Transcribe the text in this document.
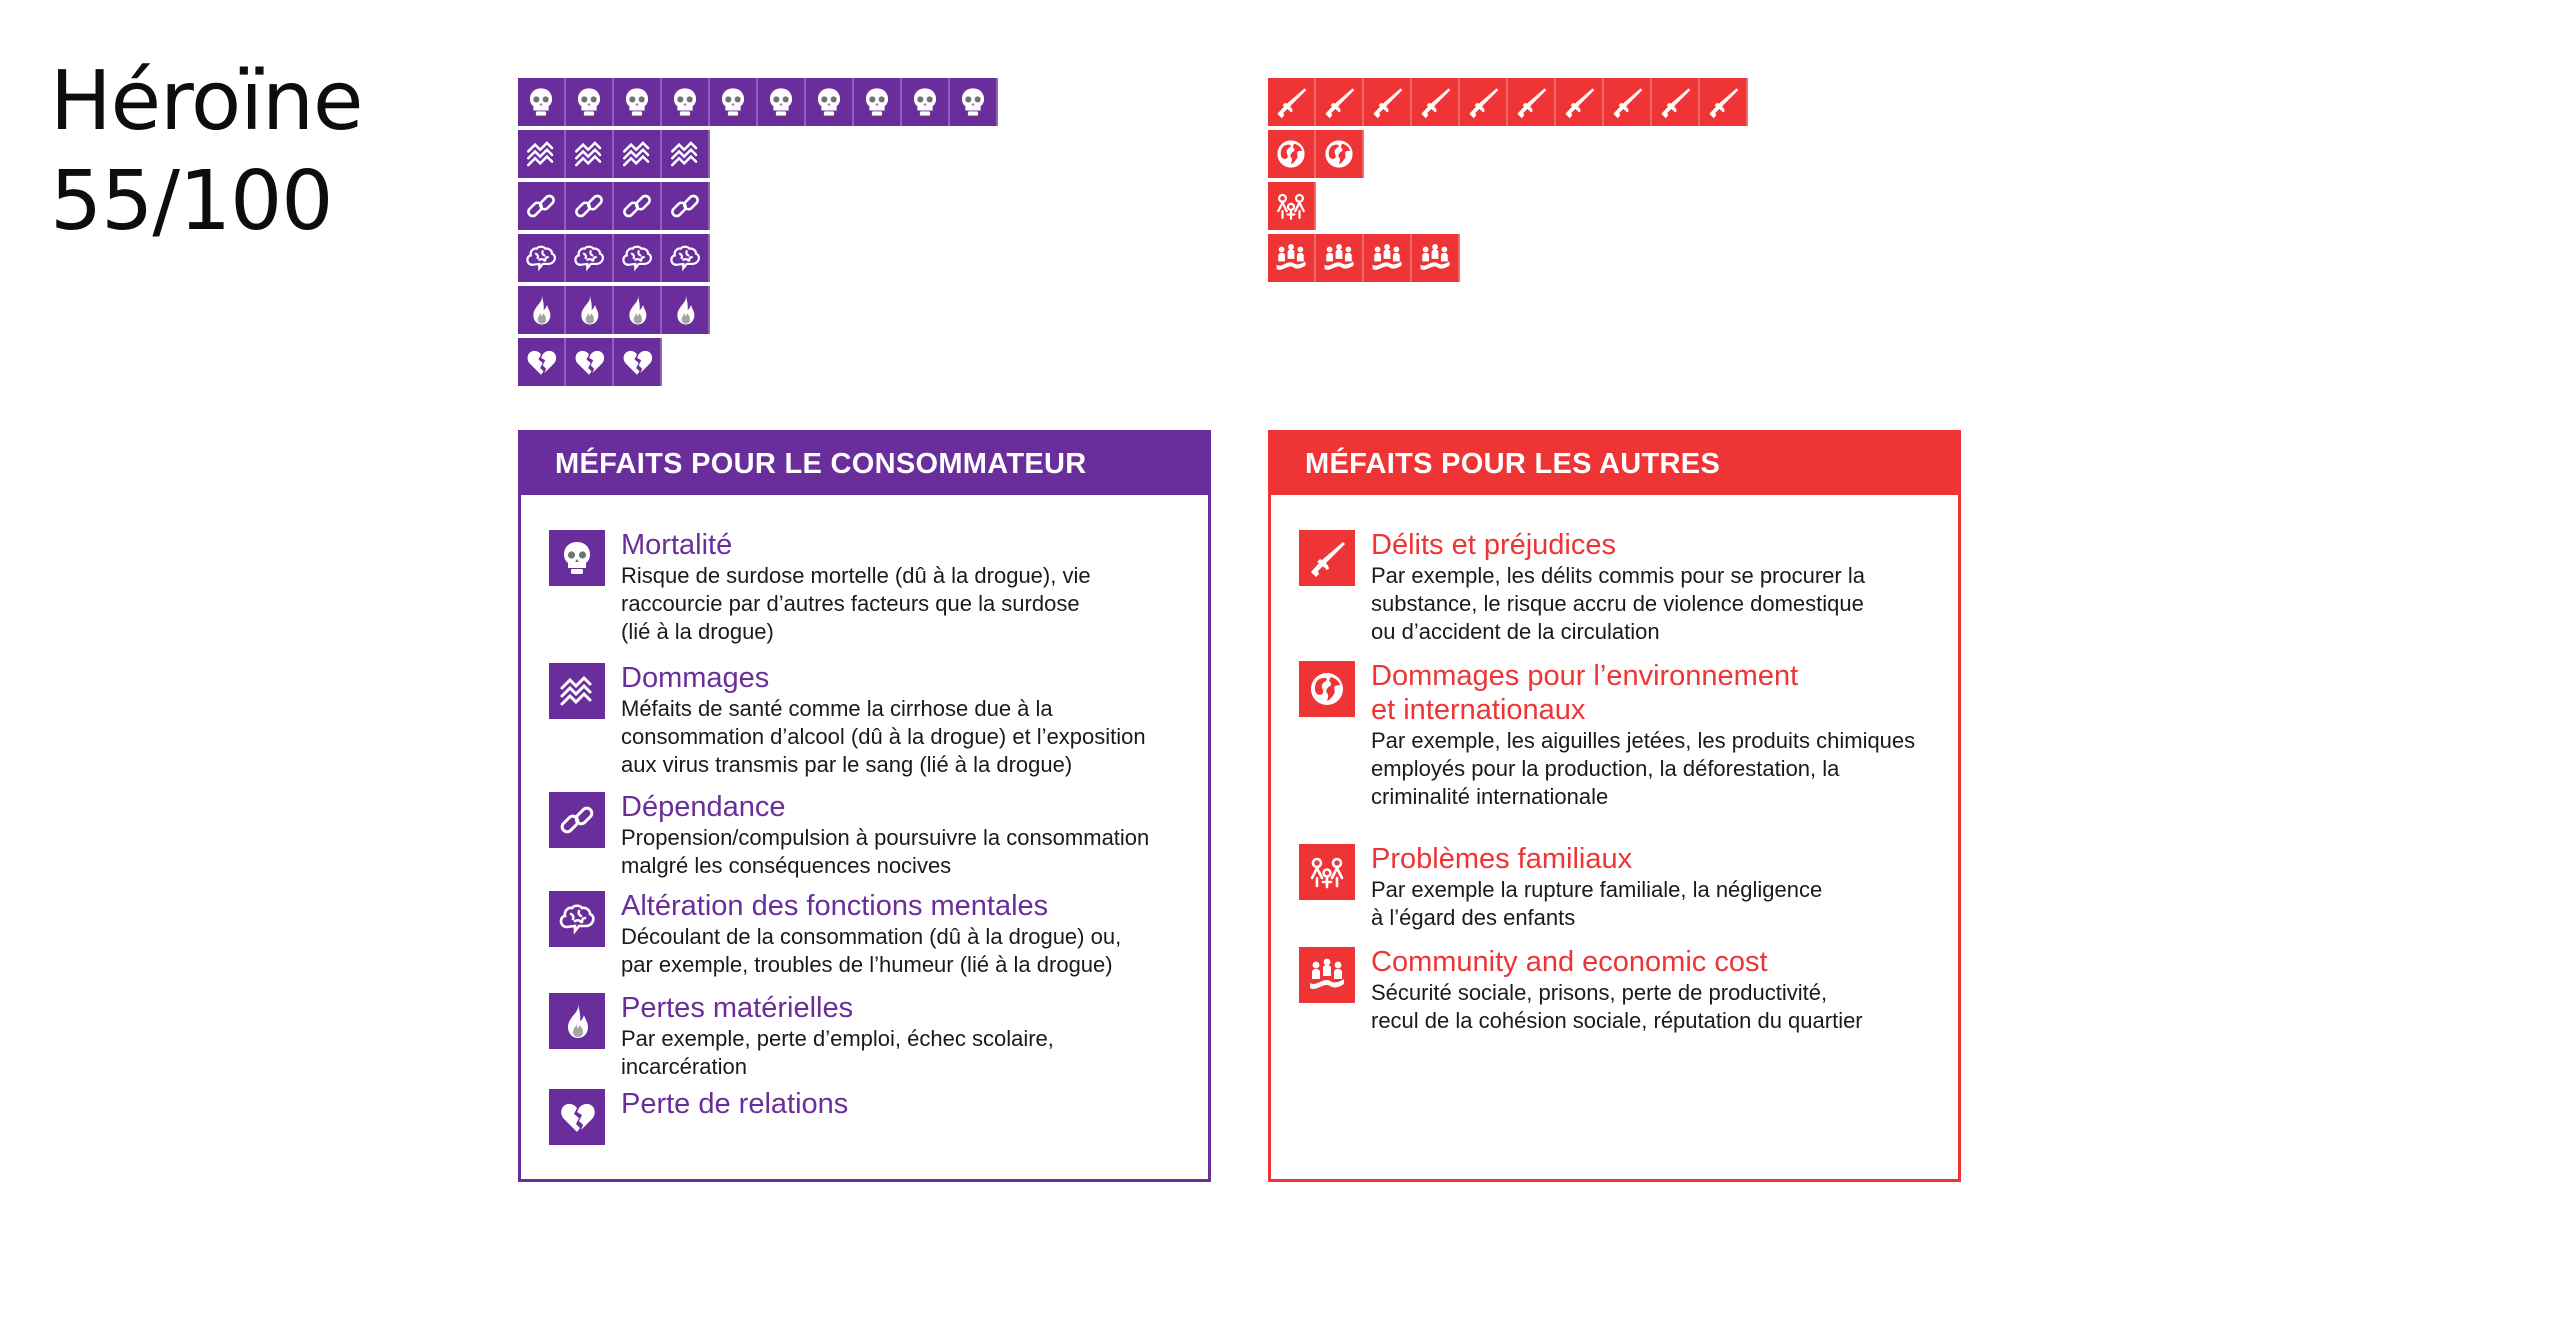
Héroïne
55/100
MÉFAITS POUR LE CONSOMMATEUR
Mortalité
Risque de surdose mortelle (dû à la drogue), vie
raccourcie par d’autres facteurs que la surdose
(lié à la drogue)
Dommages
Méfaits de santé comme la cirrhose due à la
consommation d’alcool (dû à la drogue) et l’exposition
aux virus transmis par le sang (lié à la drogue)
Dépendance
Propension/compulsion à poursuivre la consommation
malgré les conséquences nocives
Altération des fonctions mentales
Découlant de la consommation (dû à la drogue) ou,
par exemple, troubles de l’humeur (lié à la drogue)
Pertes matérielles
Par exemple, perte d’emploi, échec scolaire,
incarcération
Perte de relations
MÉFAITS POUR LES AUTRES
Délits et préjudices
Par exemple, les délits commis pour se procurer la
substance, le risque accru de violence domestique
ou d’accident de la circulation
Dommages pour l’environnement
et internationaux
Par exemple, les aiguilles jetées, les produits chimiques
employés pour la production, la déforestation, la
criminalité internationale
Problèmes familiaux
Par exemple la rupture familiale, la négligence
à l’égard des enfants
Community and economic cost
Sécurité sociale, prisons, perte de productivité,
recul de la cohésion sociale, réputation du quartier
